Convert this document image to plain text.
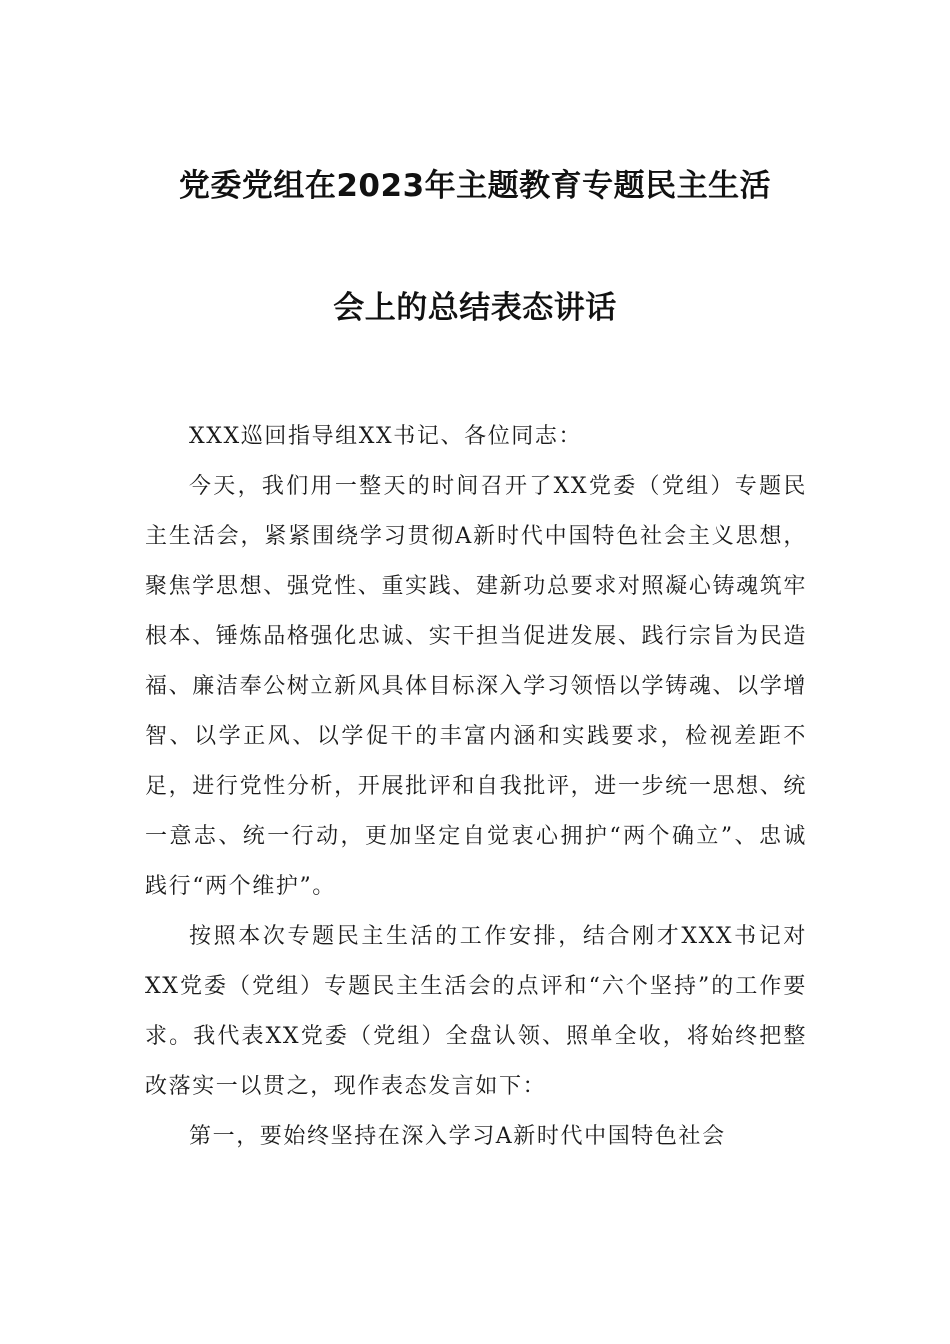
党委党组在2023年主题教育专题民主生活
会上的总结表态讲话

XXX巡回指导组XX书记、各位同志：

今天，我们用一整天的时间召开了XX党委（党组）专题民主生活会，紧紧围绕学习贯彻A新时代中国特色社会主义思想，聚焦学思想、强党性、重实践、建新功总要求对照凝心铸魂筑牢根本、锤炼品格强化忠诚、实干担当促进发展、践行宗旨为民造福、廉洁奉公树立新风具体目标深入学习领悟以学铸魂、以学增智、以学正风、以学促干的丰富内涵和实践要求，检视差距不足，进行党性分析，开展批评和自我批评，进一步统一思想、统一意志、统一行动，更加坚定自觉衷心拥护“两个确立”、忠诚践行“两个维护”。

按照本次专题民主生活的工作安排，结合刚才XXX书记对XX党委（党组）专题民主生活会的点评和“六个坚持”的工作要求。我代表XX党委（党组）全盘认领、照单全收，将始终把整改落实一以贯之，现作表态发言如下：

第一，要始终坚持在深入学习A新时代中国特色社会
